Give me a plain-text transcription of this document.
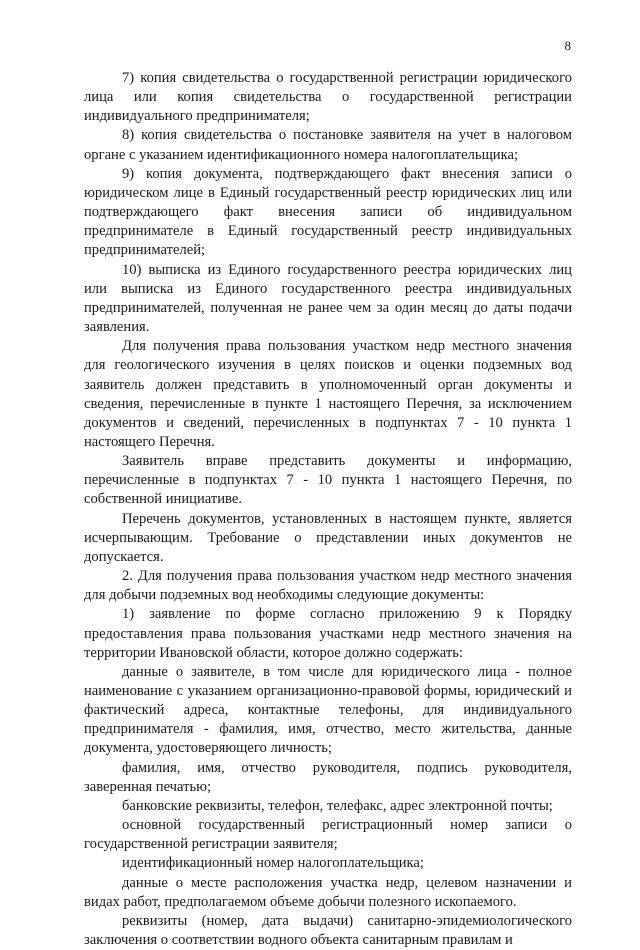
8

7) копия свидетельства о государственной регистрации юридического лица или копия свидетельства о государственной регистрации индивидуального предпринимателя;

8) копия свидетельства о постановке заявителя на учет в налоговом органе с указанием идентификационного номера налогоплательщика;

9) копия документа, подтверждающего факт внесения записи о юридическом лице в Единый государственный реестр юридических лиц или подтверждающего факт внесения записи об индивидуальном предпринимателе в Единый государственный реестр индивидуальных предпринимателей;

10) выписка из Единого государственного реестра юридических лиц или выписка из Единого государственного реестра индивидуальных предпринимателей, полученная не ранее чем за один месяц до даты подачи заявления.

Для получения права пользования участком недр местного значения для геологического изучения в целях поисков и оценки подземных вод заявитель должен представить в уполномоченный орган документы и сведения, перечисленные в пункте 1 настоящего Перечня, за исключением документов и сведений, перечисленных в подпунктах 7 - 10 пункта 1 настоящего Перечня.

Заявитель вправе представить документы и информацию, перечисленные в подпунктах 7 - 10 пункта 1 настоящего Перечня, по собственной инициативе.

Перечень документов, установленных в настоящем пункте, является исчерпывающим. Требование о представлении иных документов не допускается.

2. Для получения права пользования участком недр местного значения для добычи подземных вод необходимы следующие документы:

1) заявление по форме согласно приложению 9 к Порядку предоставления права пользования участками недр местного значения на территории Ивановской области, которое должно содержать:

данные о заявителе, в том числе для юридического лица - полное наименование с указанием организационно-правовой формы, юридический и фактический адреса, контактные телефоны, для индивидуального предпринимателя - фамилия, имя, отчество, место жительства, данные документа, удостоверяющего личность;

фамилия, имя, отчество руководителя, подпись руководителя, заверенная печатью;

банковские реквизиты, телефон, телефакс, адрес электронной почты;

основной государственный регистрационный номер записи о государственной регистрации заявителя;

идентификационный номер налогоплательщика;

данные о месте расположения участка недр, целевом назначении и видах работ, предполагаемом объеме добычи полезного ископаемого.

реквизиты (номер, дата выдачи) санитарно-эпидемиологического заключения о соответствии водного объекта санитарным правилам и
